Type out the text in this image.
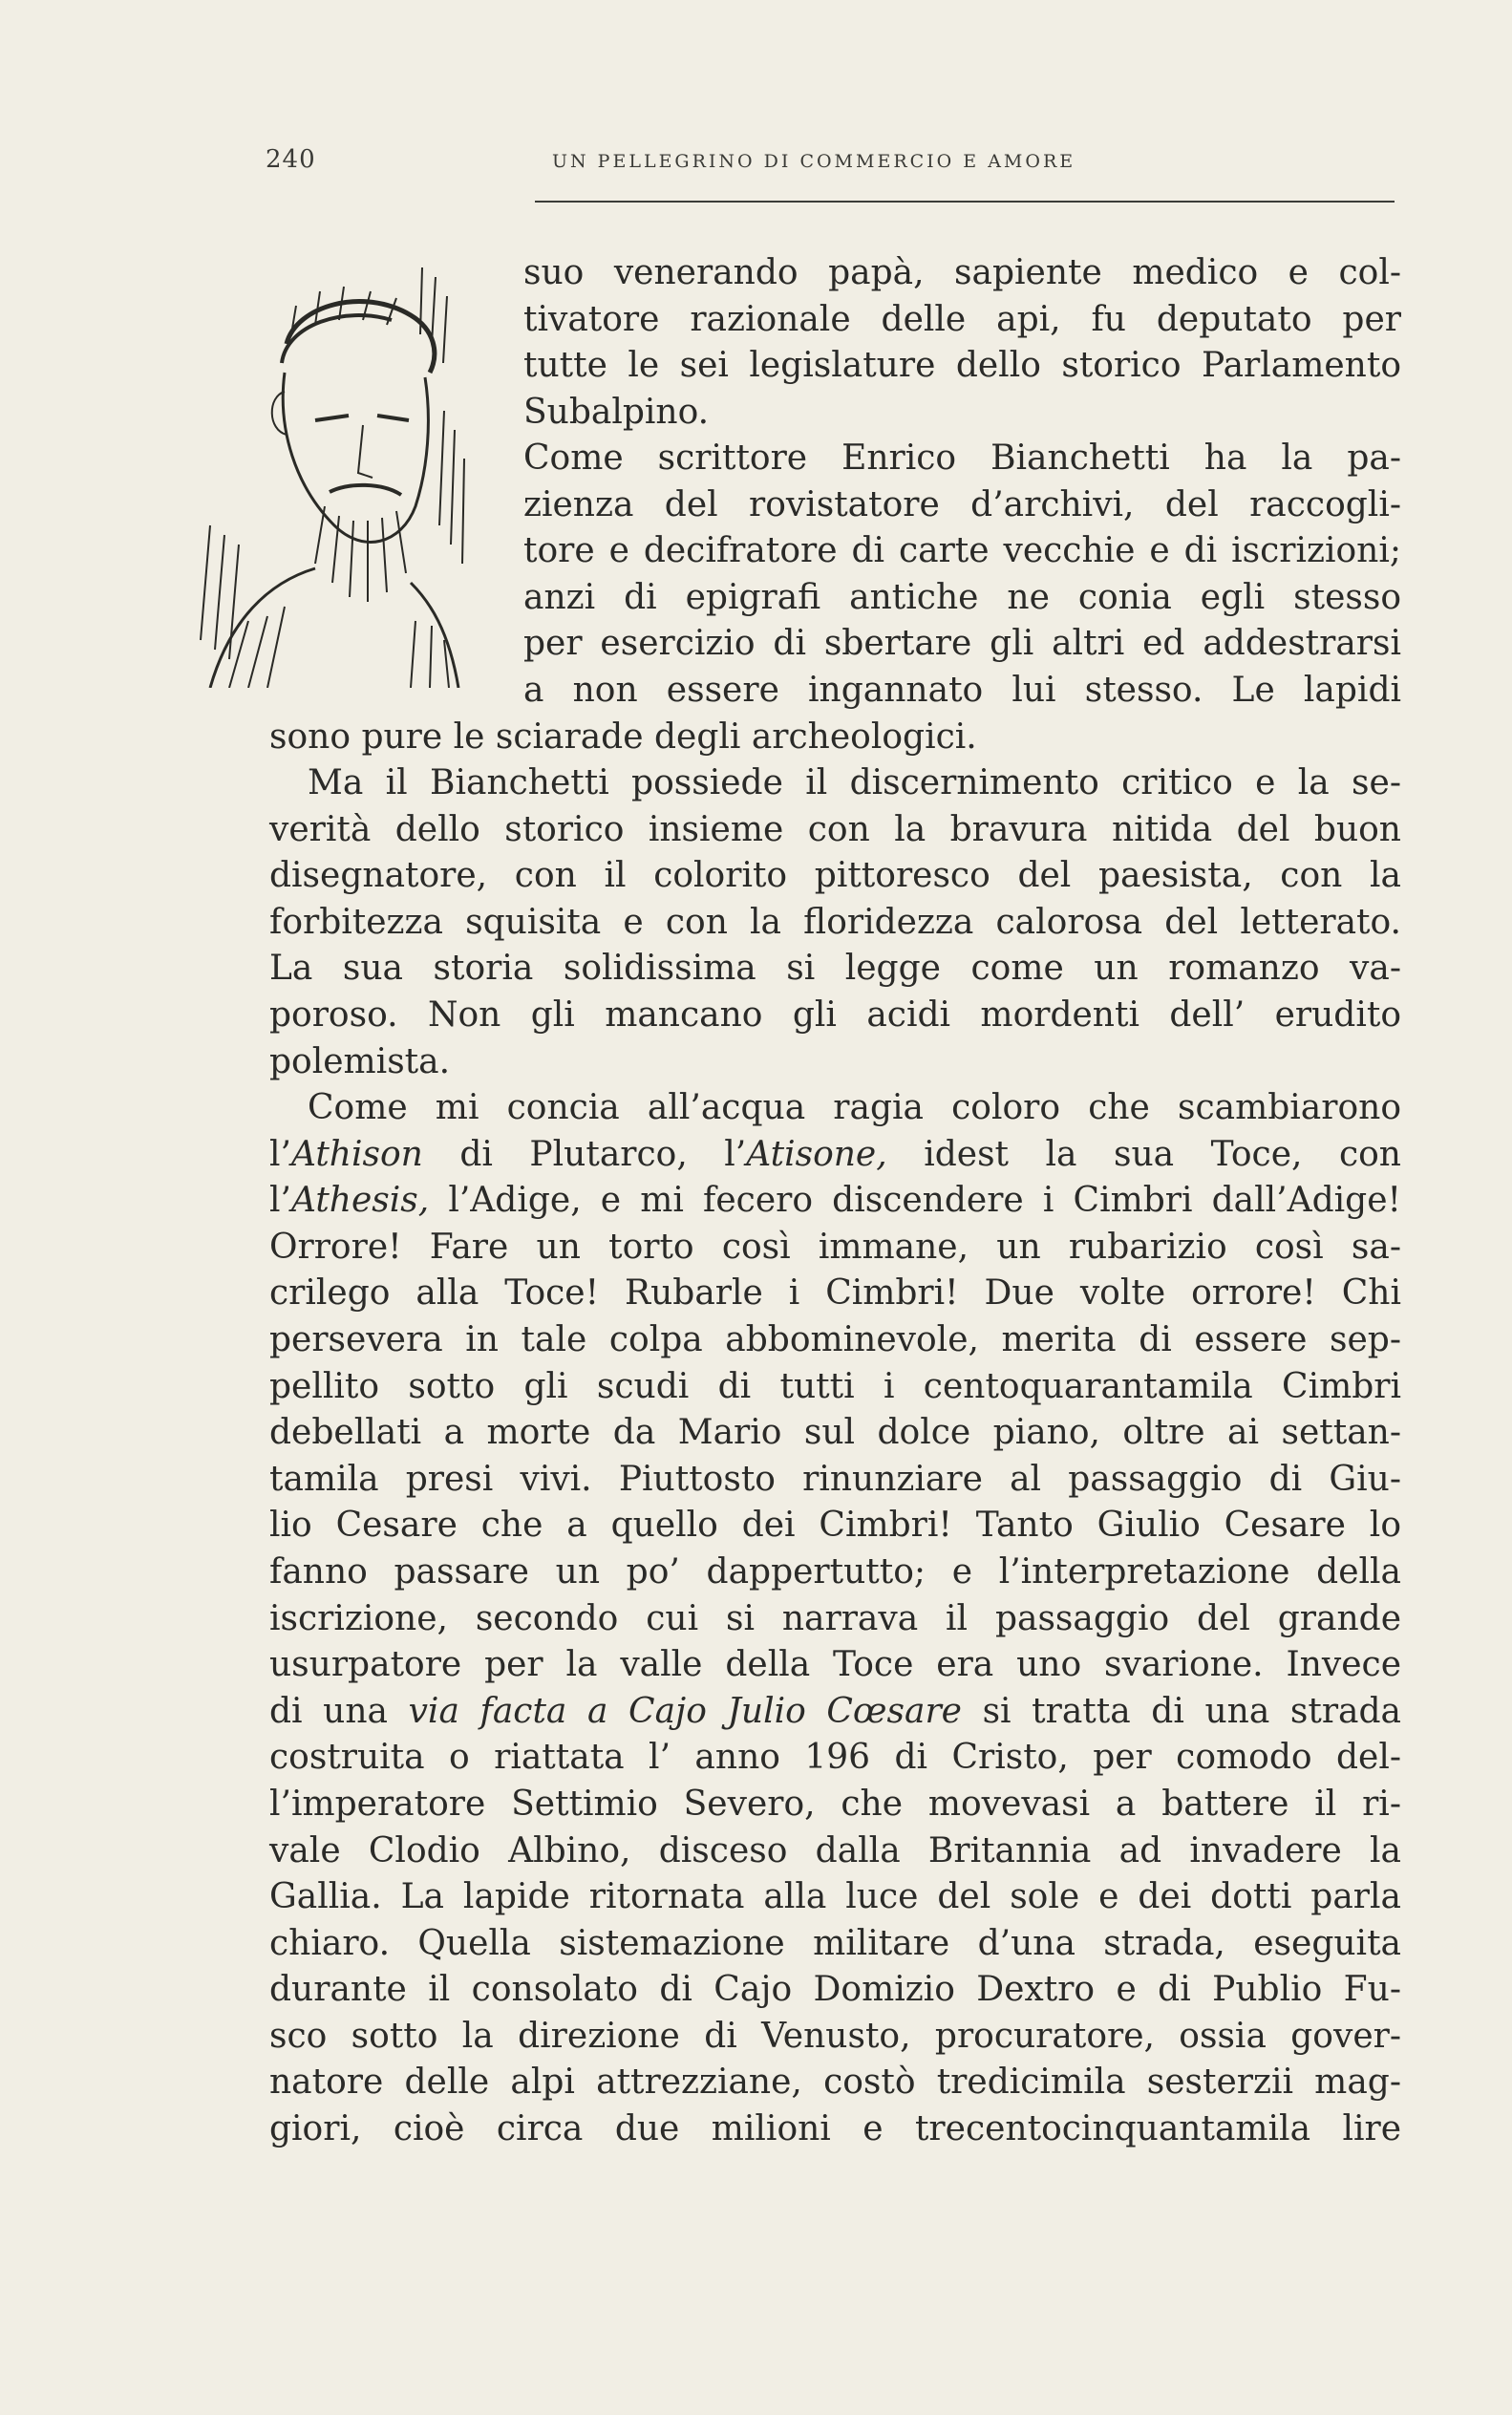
240	UN PELLEGRINO DI COMMERCIO E AMORE
suo venerando papà, sapiente medico e col-
tivatore razionale delle api, fu deputato per
tutte le sei legislature dello storico Parlamento
Subalpino.
Come scrittore Enrico Bianchetti ha la pa-
zienza del rovistatore d’archivi, del raccogli-
tore e decifratore di carte vecchie e di iscrizioni;
anzi di epigrafi antiche ne conia egli stesso
per esercizio di sbertare gli altri ed addestrarsi
a non essere ingannato lui stesso. Le lapidi
sono pure le sciarade degli archeologici.
Ma il Bianchetti possiede il discernimento critico e la se-
verità dello storico insieme con la bravura nitida del buon
disegnatore, con il colorito pittoresco del paesista, con la
forbitezza squisita e con la floridezza calorosa del letterato.
La sua storia solidissima si legge come un romanzo va-
poroso. Non gli mancano gli acidi mordenti dell’ erudito
polemista.
Come mi concia all’acqua ragia coloro che scambiarono
l’Athison di Plutarco, l’Atisone, idest la sua Toce, con
l’Athesis, l’Adige, e mi fecero discendere i Cimbri dall’Adige!
Orrore! Fare un torto così immane, un rubarizio così sa-
crilego alla Toce! Rubarle i Cimbri! Due volte orrore! Chi
persevera in tale colpa abbominevole, merita di essere sep-
pellito sotto gli scudi di tutti i centoquarantamila Cimbri
debellati a morte da Mario sul dolce piano, oltre ai settan-
tamila presi vivi. Piuttosto rinunziare al passaggio di Giu-
lio Cesare che a quello dei Cimbri! Tanto Giulio Cesare lo
fanno passare un po’ dappertutto; e l’interpretazione della
iscrizione, secondo cui si narrava il passaggio del grande
usurpatore per la valle della Toce era uno svarione. Invece
di una via facta a Cajo Julio Cœsare si tratta di una strada
costruita o riattata l’ anno 196 di Cristo, per comodo del-
l’imperatore Settimio Severo, che movevasi a battere il ri-
vale Clodio Albino, disceso dalla Britannia ad invadere la
Gallia. La lapide ritornata alla luce del sole e dei dotti parla
chiaro. Quella sistemazione militare d’una strada, eseguita
durante il consolato di Cajo Domizio Dextro e di Publio Fu-
sco sotto la direzione di Venusto, procuratore, ossia gover-
natore delle alpi attrezziane, costò tredicimila sesterzii mag-
giori, cioè circa due milioni e trecentocinquantamila lire
